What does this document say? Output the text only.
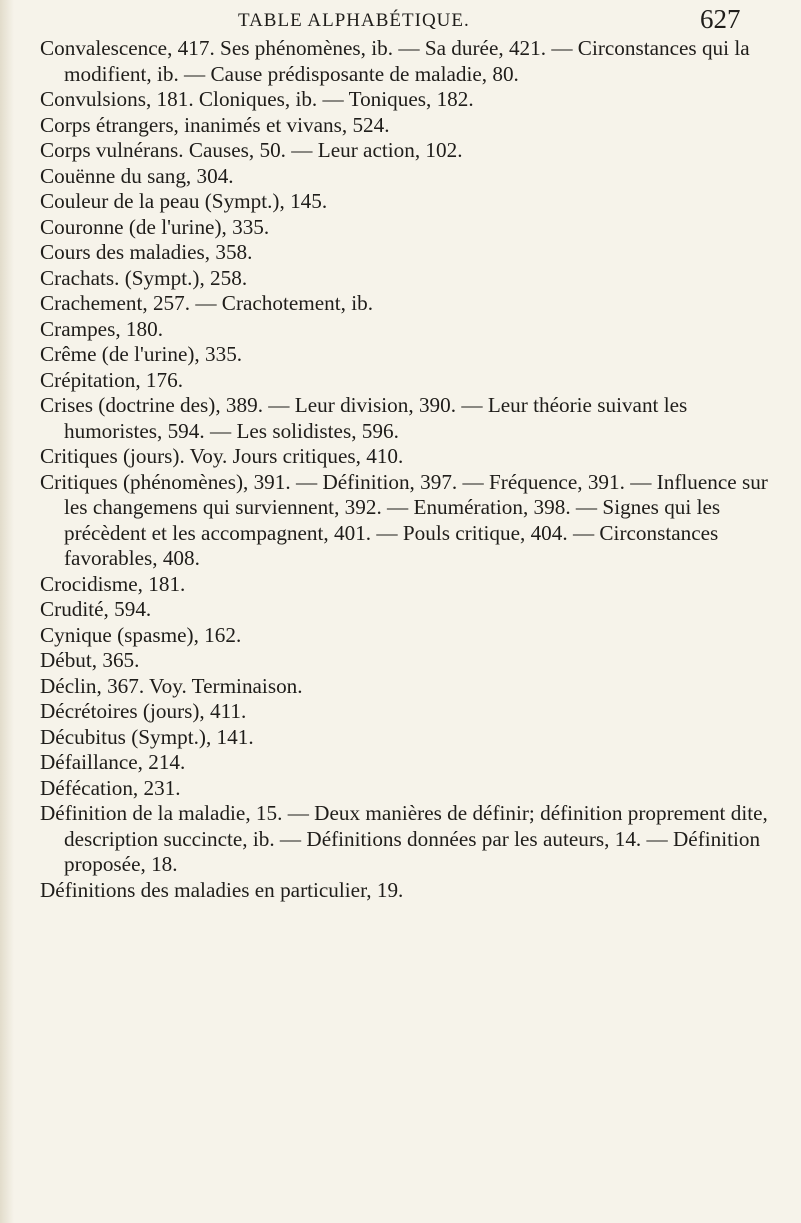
TABLE ALPHABÉTIQUE.	627
Convalescence, 417. Ses phénomènes, ib. — Sa durée, 421. — Circonstances qui la modifient, ib. — Cause prédisposante de maladie, 80.
Convulsions, 181. Cloniques, ib. — Toniques, 182.
Corps étrangers, inanimés et vivans, 524.
Corps vulnérans. Causes, 50. — Leur action, 102.
Couënne du sang, 304.
Couleur de la peau (Sympt.), 145.
Couronne (de l'urine), 335.
Cours des maladies, 358.
Crachats. (Sympt.), 258.
Crachement, 257. — Crachotement, ib.
Crampes, 180.
Crême (de l'urine), 335.
Crépitation, 176.
Crises (doctrine des), 389. — Leur division, 390. — Leur théorie suivant les humoristes, 594. — Les solidistes, 596.
Critiques (jours). Voy. Jours critiques, 410.
Critiques (phénomènes), 391. — Définition, 397. — Fréquence, 391. — Influence sur les changemens qui surviennent, 392. — Enumération, 398. — Signes qui les précèdent et les accompagnent, 401. — Pouls critique, 404. — Circonstances favorables, 408.
Crocidisme, 181.
Crudité, 594.
Cynique (spasme), 162.
Début, 365.
Déclin, 367. Voy. Terminaison.
Décrétoires (jours), 411.
Décubitus (Sympt.), 141.
Défaillance, 214.
Défécation, 231.
Définition de la maladie, 15. — Deux manières de définir; définition proprement dite, description succincte, ib. — Définitions données par les auteurs, 14. — Définition proposée, 18.
Définitions des maladies en particulier, 19.
